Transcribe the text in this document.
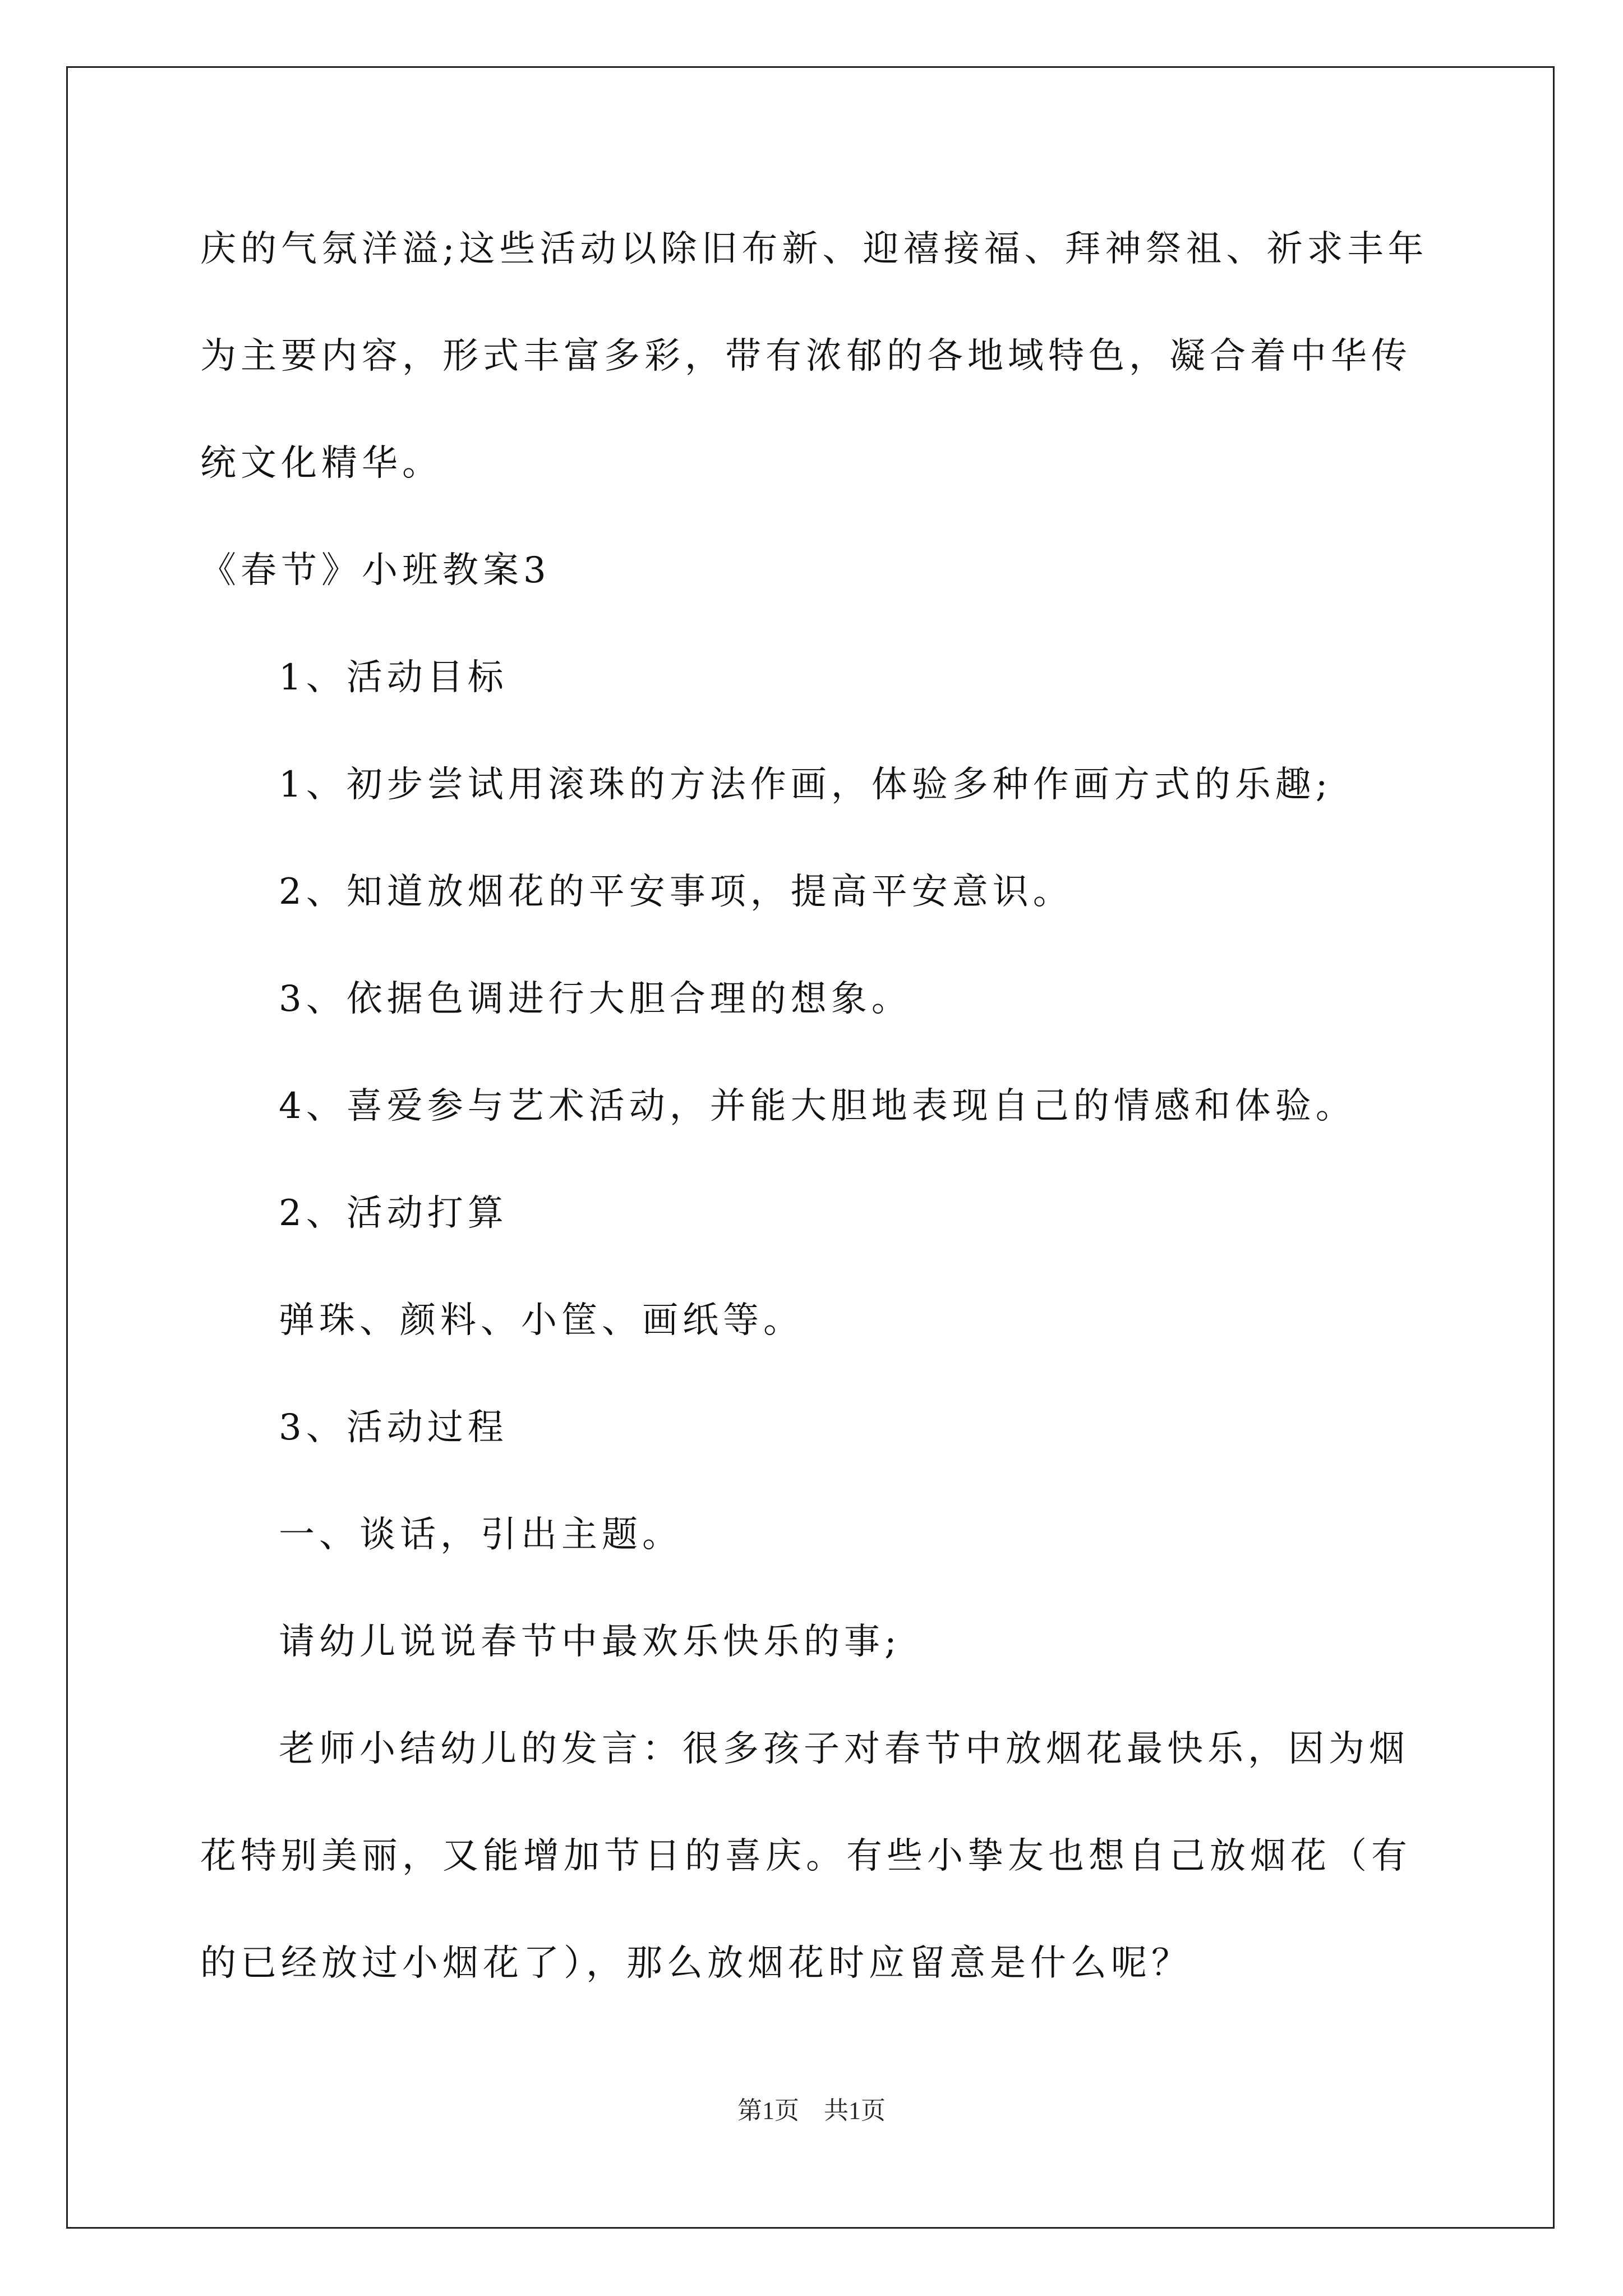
庆的气氛洋溢;这些活动以除旧布新、迎禧接福、拜神祭祖、祈求丰年
为主要内容，形式丰富多彩，带有浓郁的各地域特色，凝合着中华传
统文化精华。
《春节》小班教案3
1、活动目标
1、初步尝试用滚珠的方法作画，体验多种作画方式的乐趣;
2、知道放烟花的平安事项，提高平安意识。
3、依据色调进行大胆合理的想象。
4、喜爱参与艺术活动，并能大胆地表现自己的情感和体验。
2、活动打算
弹珠、颜料、小筐、画纸等。
3、活动过程
一、谈话，引出主题。
请幼儿说说春节中最欢乐快乐的事;
老师小结幼儿的发言：很多孩子对春节中放烟花最快乐，因为烟
花特别美丽，又能增加节日的喜庆。有些小挚友也想自己放烟花（有
的已经放过小烟花了），那么放烟花时应留意是什么呢？
第1页    共1页
